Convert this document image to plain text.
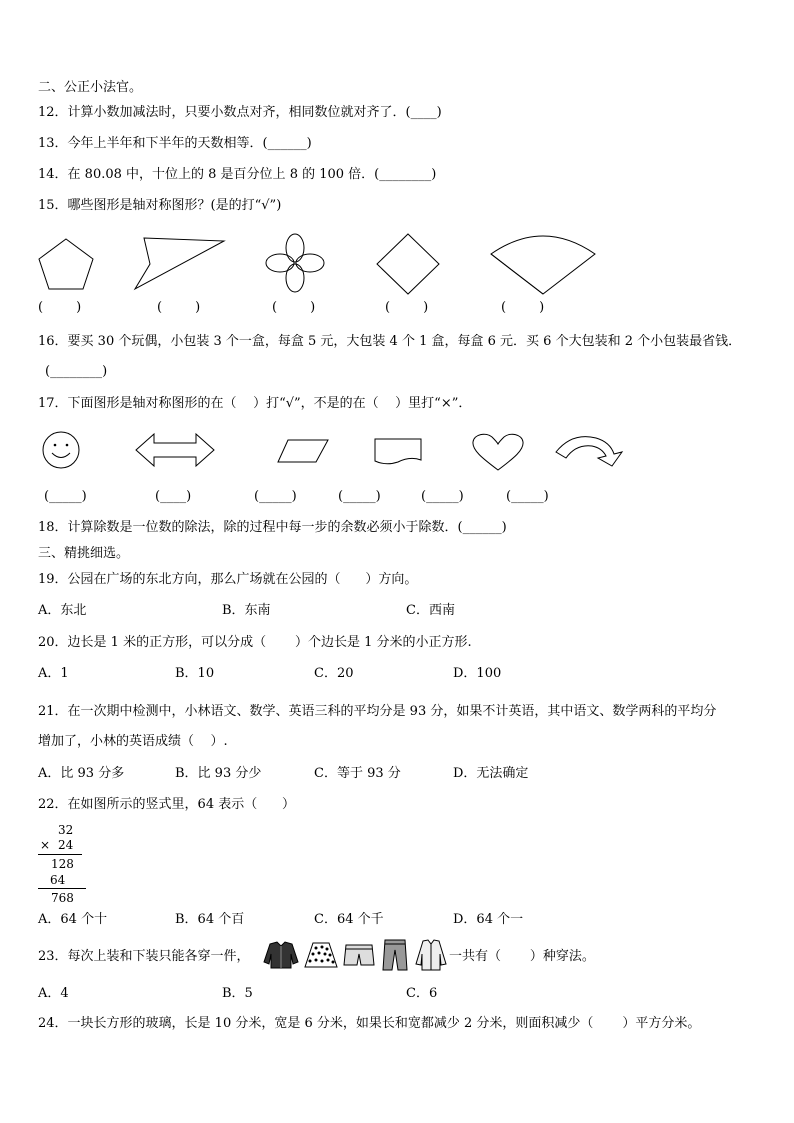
二、公正小法官。
12．计算小数加减法时，只要小数点对齐，相同数位就对齐了．(____)
13．今年上半年和下半年的天数相等．(______)
14．在 80.08 中，十位上的 8 是百分位上 8 的 100 倍．(________)
15．哪些图形是轴对称图形？(是的打“√”)
(        )	(        )	(        )	(        )	(        )
16．要买 30 个玩偶，小包装 3 个一盒，每盒 5 元，大包装 4 个 1 盒，每盒 6 元．买 6 个大包装和 2 个小包装最省钱．
(________)
17．下面图形是轴对称图形的在（    ）打“√”，不是的在（    ）里打“×”．
(_____)	(____)	(_____)	(_____)	(_____)	(_____)
18．计算除数是一位数的除法，除的过程中每一步的余数必须小于除数．(______)
三、精挑细选。
19．公园在广场的东北方向，那么广场就在公园的（      ）方向。
A．东北	B．东南	C．西南
20．边长是 1 米的正方形，可以分成（       ）个边长是 1 分米的小正方形.
A．1	B．10	C．20	D．100
21．在一次期中检测中，小林语文、数学、英语三科的平均分是 93 分，如果不计英语，其中语文、数学两科的平均分
增加了，小林的英语成绩（    ）.
A．比 93 分多	B．比 93 分少	C．等于 93 分	D．无法确定
22．在如图所示的竖式里，64 表示（      ）
32
× 24
128
64
768
A．64 个十	B．64 个百	C．64 个千	D．64 个一
23．每次上装和下装只能各穿一件，	一共有（       ）种穿法。
A．4	B．5	C．6
24．一块长方形的玻璃，长是 10 分米，宽是 6 分米，如果长和宽都减少 2 分米，则面积减少（       ）平方分米。
